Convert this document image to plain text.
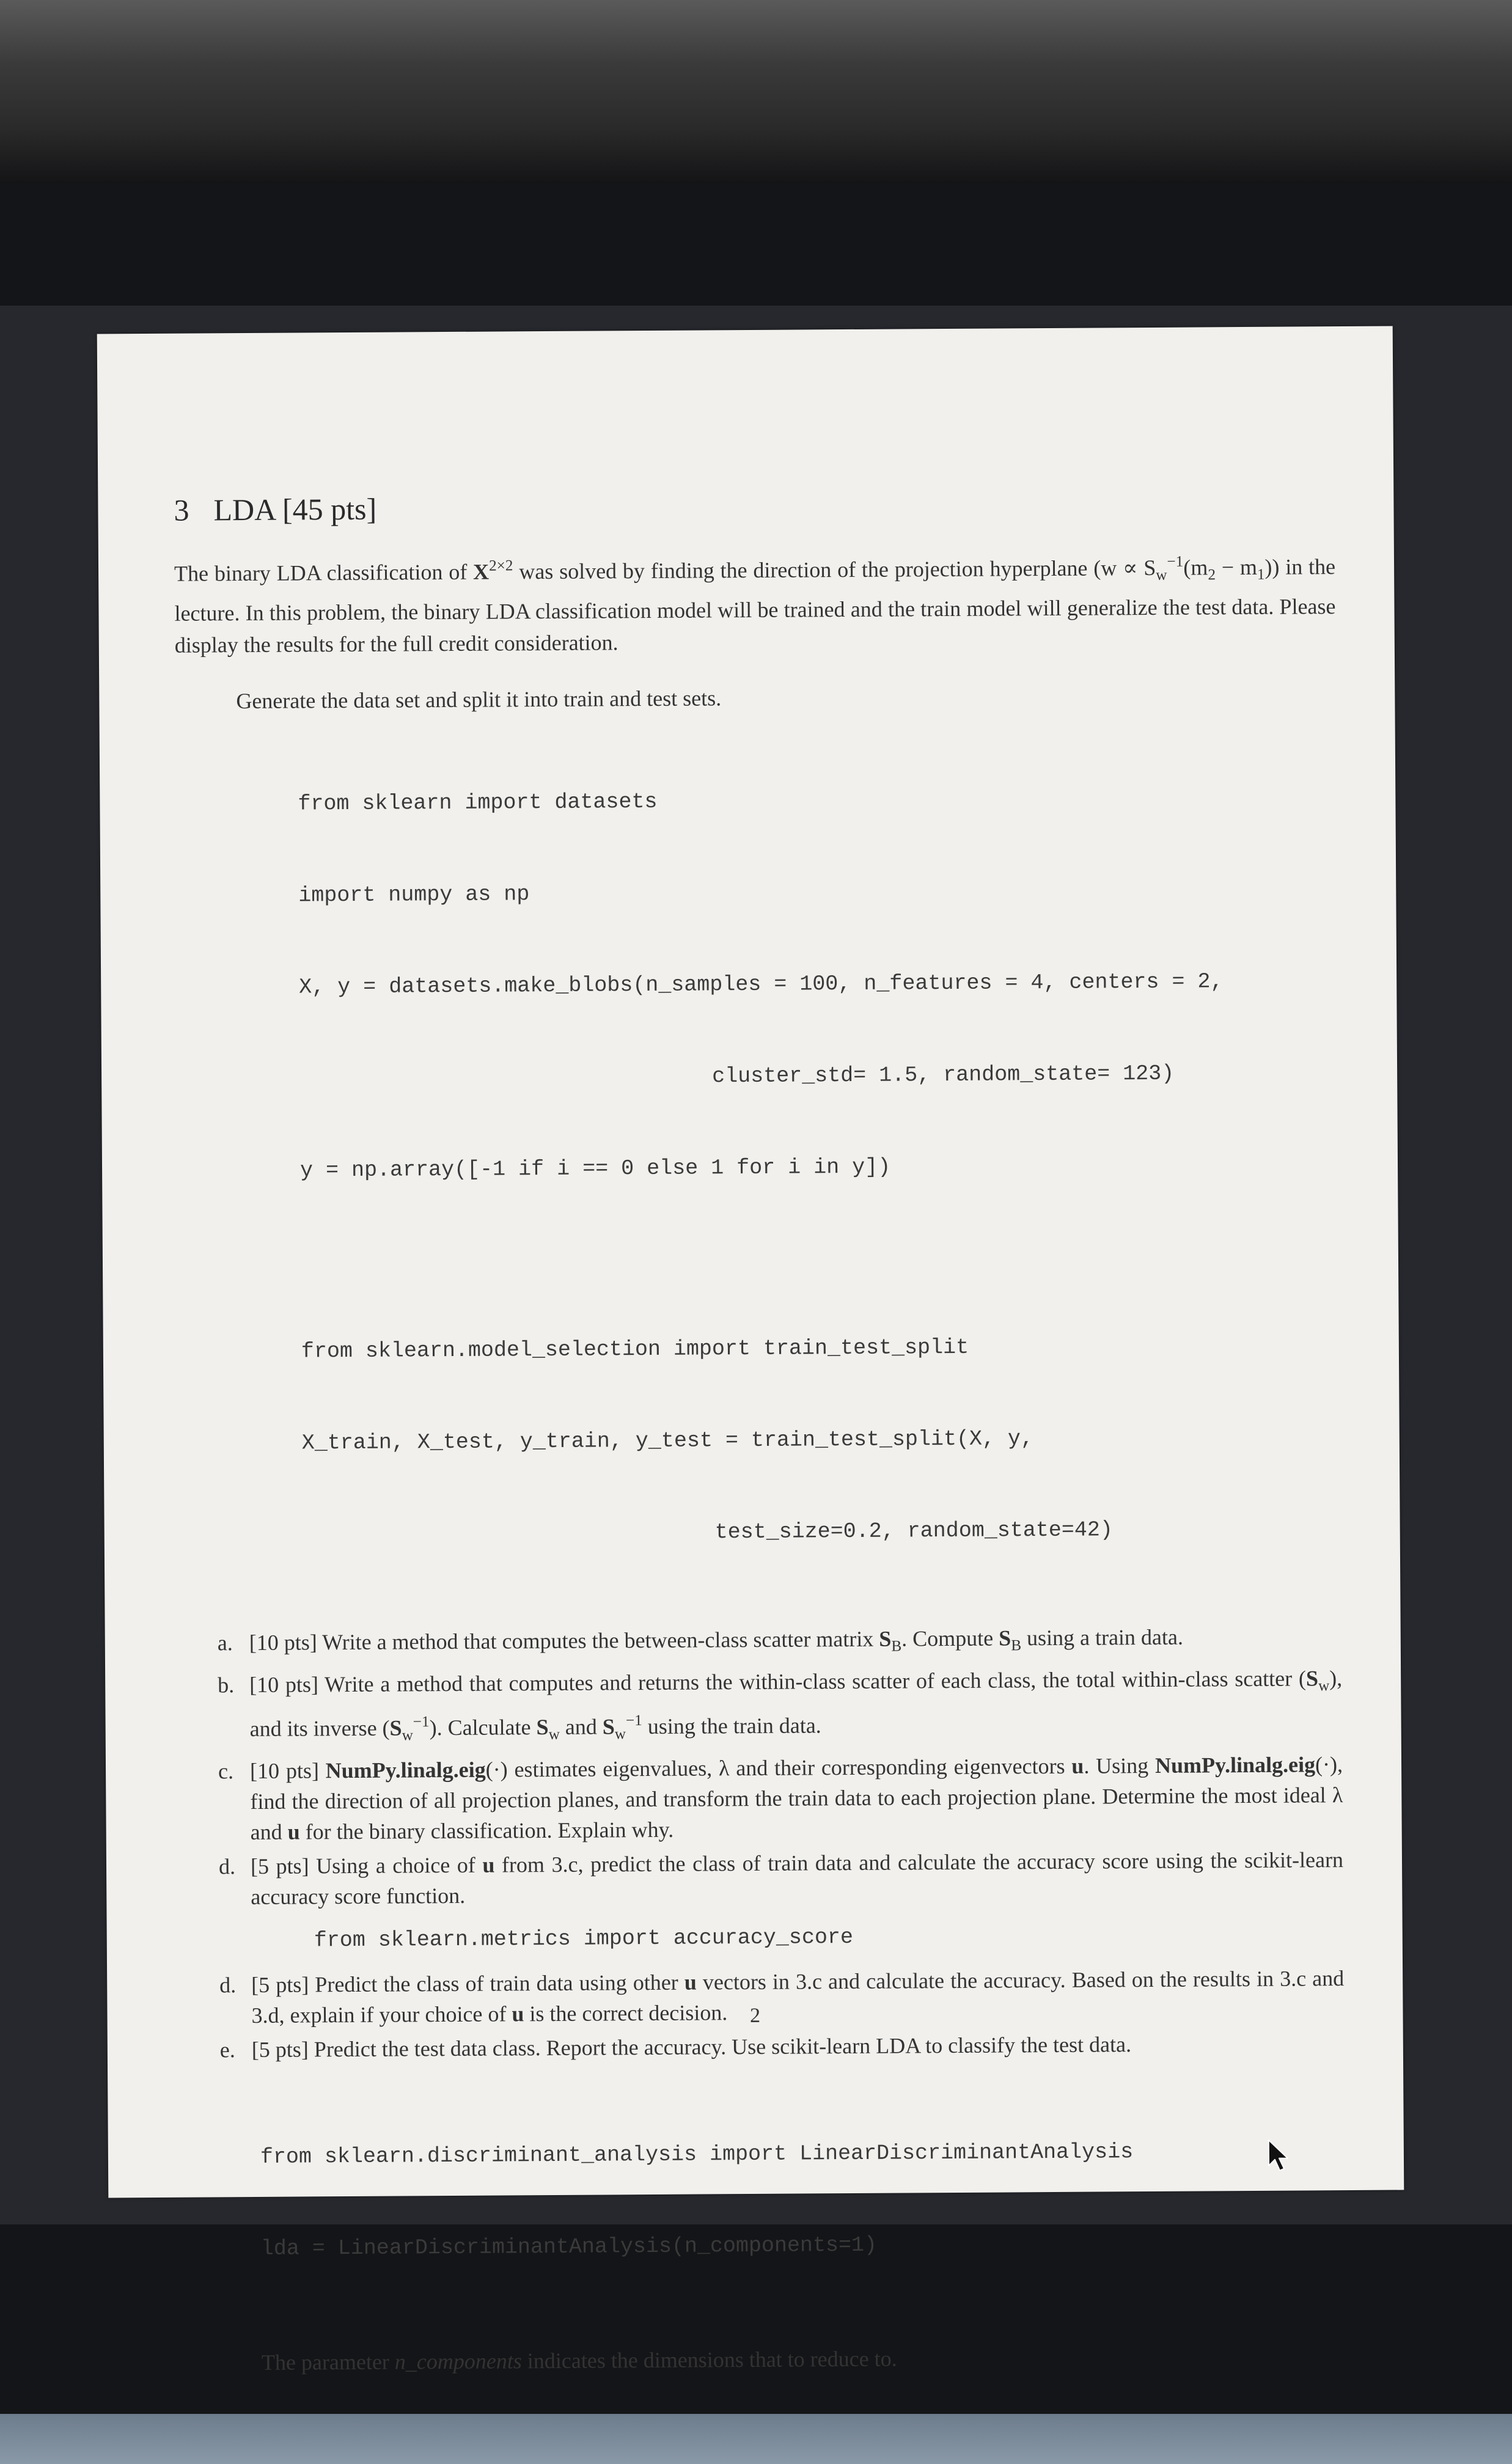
3 LDA [45 pts]

The binary LDA classification of $X^{2\times 2}$ was solved by finding the direction of the projection hyperplane $(w \propto S_w^{-1}(m_2 - m_1))$ in the lecture. In this problem, the binary LDA classification model will be trained and the train model will generalize the test data. Please display the results for the full credit consideration.

Generate the data set and split it into train and test sets.

from sklearn import datasets

import numpy as np

X, y = datasets.make_blobs(n_samples = 100, n_features = 4, centers = 2,

cluster_std= 1.5, random_state= 123)

y = np.array([-1 if i == 0 else 1 for i in y])

from sklearn.model_selection import train_test_split

X_train, X_test, y_train, y_test = train_test_split(X, y,

test_size=0.2, random_state=42)

a. [10 pts] Write a method that computes the between-class scatter matrix $S_B$. Compute $S_B$ using a train data.
b. [10 pts] Write a method that computes and returns the within-class scatter of each class, the total within-class scatter $(S_w)$, and its inverse $(S_w^{-1})$. Calculate $S_w$ and $S_w^{-1}$ using the train data.
c. [10 pts] NumPy.linalg.eig(·) estimates eigenvalues, λ and their corresponding eigenvectors u. Using NumPy.linalg.eig(·), find the direction of all projection planes, and transform the train data to each projection plane. Determine the most ideal λ and u for the binary classification. Explain why.
d. [5 pts] Using a choice of u from 3.c, predict the class of train data and calculate the accuracy score using the scikit-learn accuracy score function.
from sklearn.metrics import accuracy_score
d. [5 pts] Predict the class of train data using other u vectors in 3.c and calculate the accuracy. Based on the results in 3.c and 3.d, explain if your choice of u is the correct decision.
e. [5 pts] Predict the test data class. Report the accuracy. Use scikit-learn LDA to classify the test data.

from sklearn.discriminant_analysis import LinearDiscriminantAnalysis

lda = LinearDiscriminantAnalysis(n_components=1)

The parameter n_components indicates the dimensions that to reduce to.

2
